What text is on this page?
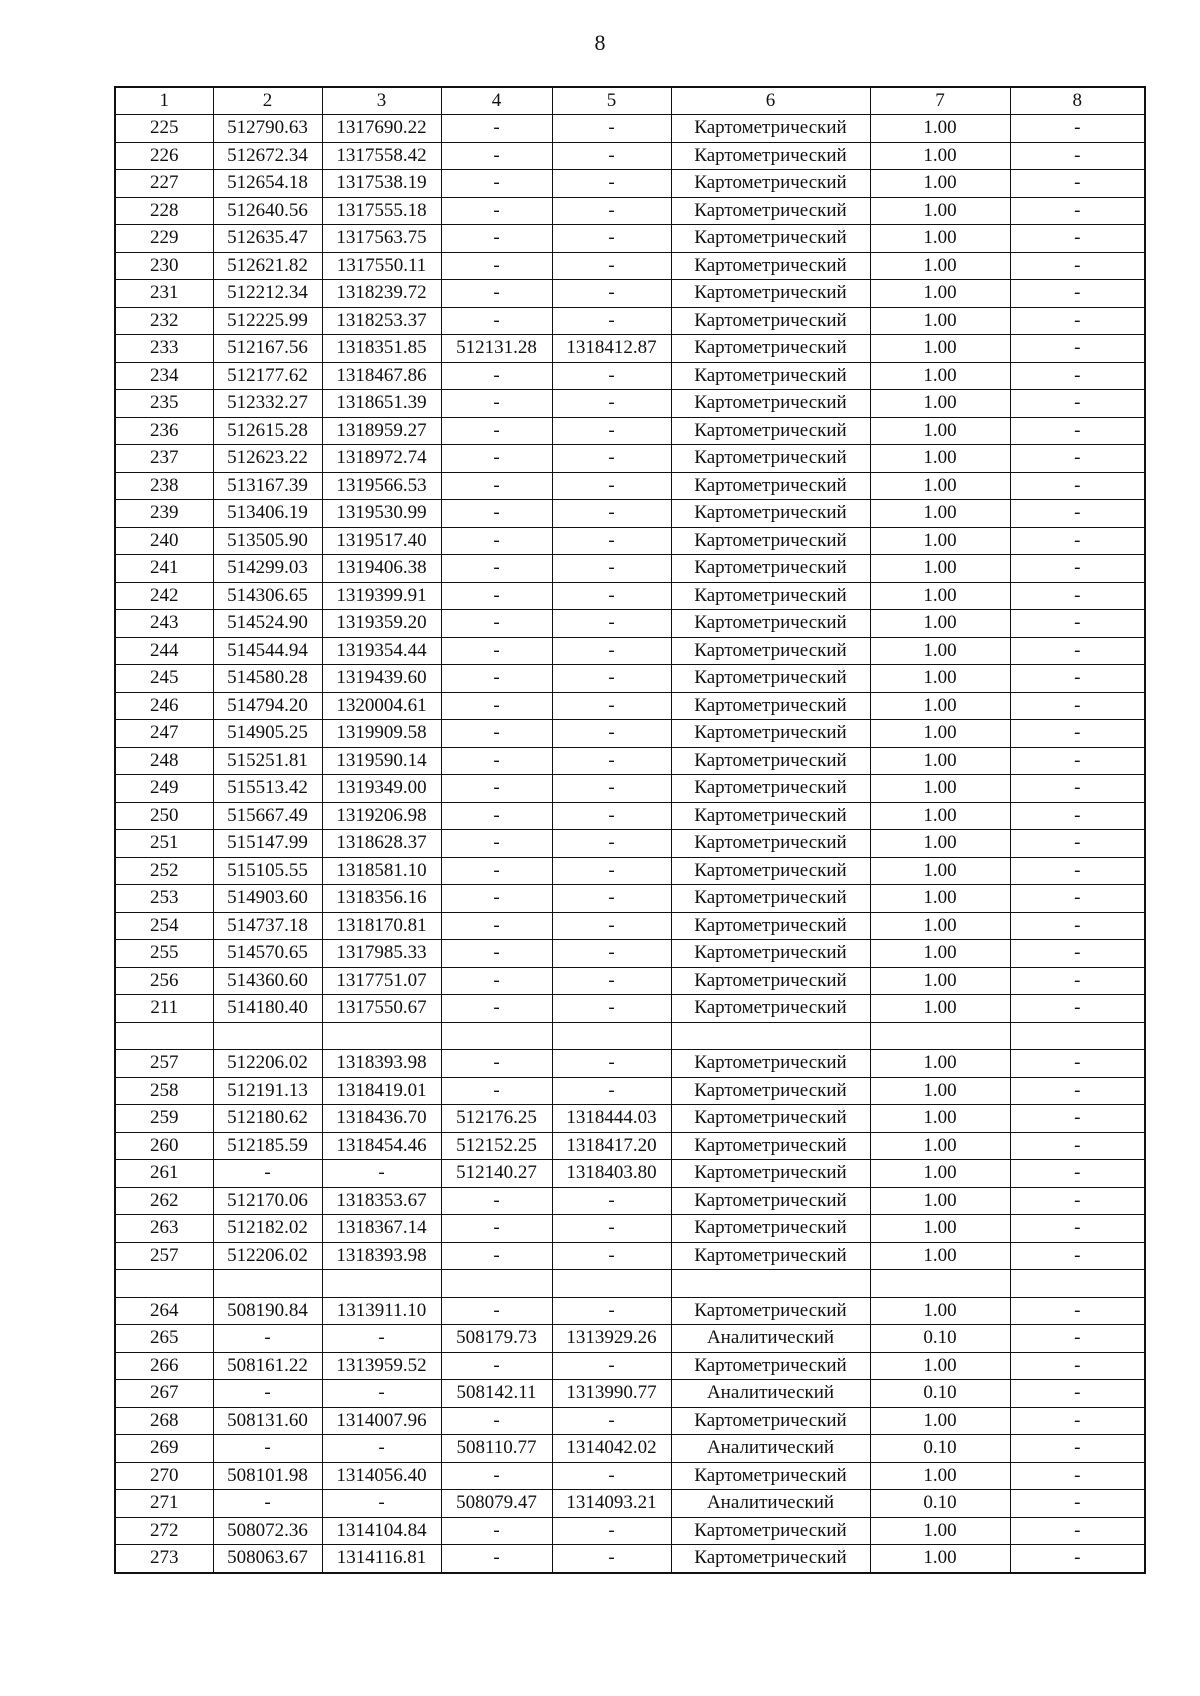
8
1	2	3	4	5	6	7	8
225	512790.63	1317690.22	-	-	Картометрический	1.00	-
226	512672.34	1317558.42	-	-	Картометрический	1.00	-
227	512654.18	1317538.19	-	-	Картометрический	1.00	-
228	512640.56	1317555.18	-	-	Картометрический	1.00	-
229	512635.47	1317563.75	-	-	Картометрический	1.00	-
230	512621.82	1317550.11	-	-	Картометрический	1.00	-
231	512212.34	1318239.72	-	-	Картометрический	1.00	-
232	512225.99	1318253.37	-	-	Картометрический	1.00	-
233	512167.56	1318351.85	512131.28	1318412.87	Картометрический	1.00	-
234	512177.62	1318467.86	-	-	Картометрический	1.00	-
235	512332.27	1318651.39	-	-	Картометрический	1.00	-
236	512615.28	1318959.27	-	-	Картометрический	1.00	-
237	512623.22	1318972.74	-	-	Картометрический	1.00	-
238	513167.39	1319566.53	-	-	Картометрический	1.00	-
239	513406.19	1319530.99	-	-	Картометрический	1.00	-
240	513505.90	1319517.40	-	-	Картометрический	1.00	-
241	514299.03	1319406.38	-	-	Картометрический	1.00	-
242	514306.65	1319399.91	-	-	Картометрический	1.00	-
243	514524.90	1319359.20	-	-	Картометрический	1.00	-
244	514544.94	1319354.44	-	-	Картометрический	1.00	-
245	514580.28	1319439.60	-	-	Картометрический	1.00	-
246	514794.20	1320004.61	-	-	Картометрический	1.00	-
247	514905.25	1319909.58	-	-	Картометрический	1.00	-
248	515251.81	1319590.14	-	-	Картометрический	1.00	-
249	515513.42	1319349.00	-	-	Картометрический	1.00	-
250	515667.49	1319206.98	-	-	Картометрический	1.00	-
251	515147.99	1318628.37	-	-	Картометрический	1.00	-
252	515105.55	1318581.10	-	-	Картометрический	1.00	-
253	514903.60	1318356.16	-	-	Картометрический	1.00	-
254	514737.18	1318170.81	-	-	Картометрический	1.00	-
255	514570.65	1317985.33	-	-	Картометрический	1.00	-
256	514360.60	1317751.07	-	-	Картометрический	1.00	-
211	514180.40	1317550.67	-	-	Картометрический	1.00	-

257	512206.02	1318393.98	-	-	Картометрический	1.00	-
258	512191.13	1318419.01	-	-	Картометрический	1.00	-
259	512180.62	1318436.70	512176.25	1318444.03	Картометрический	1.00	-
260	512185.59	1318454.46	512152.25	1318417.20	Картометрический	1.00	-
261	-	-	512140.27	1318403.80	Картометрический	1.00	-
262	512170.06	1318353.67	-	-	Картометрический	1.00	-
263	512182.02	1318367.14	-	-	Картометрический	1.00	-
257	512206.02	1318393.98	-	-	Картометрический	1.00	-

264	508190.84	1313911.10	-	-	Картометрический	1.00	-
265	-	-	508179.73	1313929.26	Аналитический	0.10	-
266	508161.22	1313959.52	-	-	Картометрический	1.00	-
267	-	-	508142.11	1313990.77	Аналитический	0.10	-
268	508131.60	1314007.96	-	-	Картометрический	1.00	-
269	-	-	508110.77	1314042.02	Аналитический	0.10	-
270	508101.98	1314056.40	-	-	Картометрический	1.00	-
271	-	-	508079.47	1314093.21	Аналитический	0.10	-
272	508072.36	1314104.84	-	-	Картометрический	1.00	-
273	508063.67	1314116.81	-	-	Картометрический	1.00	-
